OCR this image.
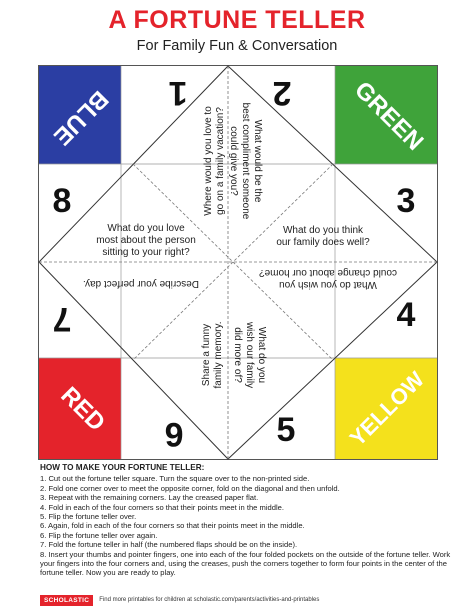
A FORTUNE TELLER
For Family Fun & Conversation
BLUE	GREEN
RED	YELLOW
1	2
3
4
5
6
7
8	Where would you love togo on a family vacation?	What would be thebest compliment someonecould give you?
What do you think our family does well?
What do you wish youcould change about our home?
What do youwish our familydid more of?
Share a funnyfamily memory.
Describe your perfect day.
What do you love most about the person sitting to your right?
HOW TO MAKE YOUR FORTUNE TELLER:
1. Cut out the fortune teller square. Turn the square over to the non-printed side.
2. Fold one corner over to meet the opposite corner, fold on the diagonal and then unfold.
3. Repeat with the remaining corners. Lay the creased paper flat.
4. Fold in each of the four corners so that their points meet in the middle.
5. Flip the fortune teller over.
6. Again, fold in each of the four corners so that their points meet in the middle.
6. Flip the fortune teller over again.
7. Fold the fortune teller in half (the numbered flaps should be on the inside).
8. Insert your thumbs and pointer fingers, one into each of the four folded pockets on the outside of the fortune teller. Work your fingers into the four corners and, using the creases, push the corners together to form four points in the center of the fortune teller. Now you are ready to play.
SCHOLASTIC	Find more printables for children at scholastic.com/parents/activities-and-printables
